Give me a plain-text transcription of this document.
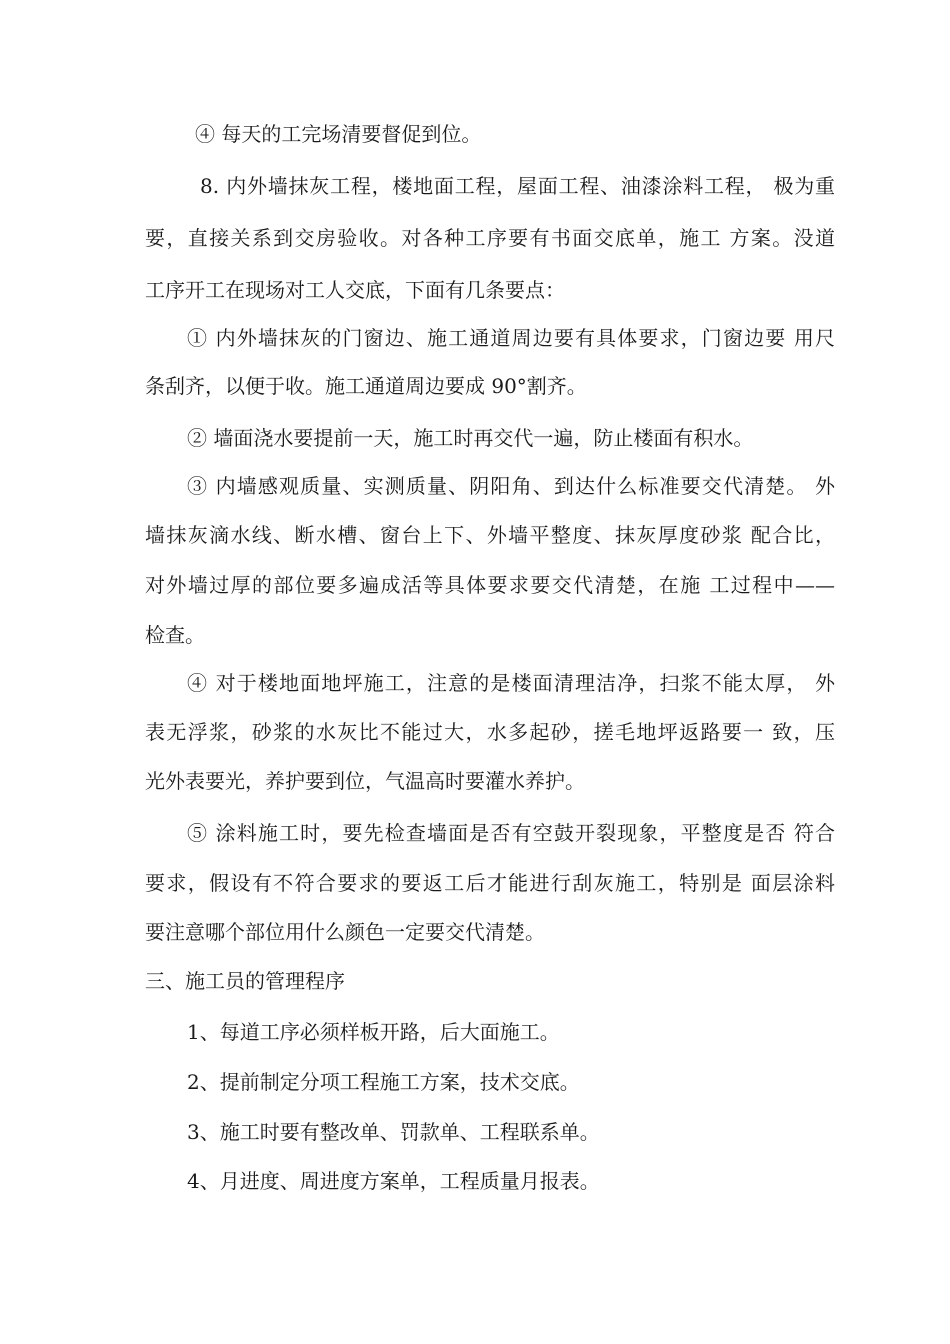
④ 每天的工完场清要督促到位。
8. 内外墙抹灰工程，楼地面工程，屋面工程、油漆涂料工程， 极为重
要，直接关系到交房验收。对各种工序要有书面交底单，施工 方案。没道
工序开工在现场对工人交底，下面有几条要点：
① 内外墙抹灰的门窗边、施工通道周边要有具体要求，门窗边要 用尺
条刮齐，以便于收。施工通道周边要成 90°割齐。
② 墙面浇水要提前一天，施工时再交代一遍，防止楼面有积水。
③ 内墙感观质量、实测质量、阴阳角、到达什么标准要交代清楚。 外
墙抹灰滴水线、断水槽、窗台上下、外墙平整度、抹灰厚度砂浆 配合比，
对外墙过厚的部位要多遍成活等具体要求要交代清楚，在施 工过程中——
检查。
④ 对于楼地面地坪施工，注意的是楼面清理洁净，扫浆不能太厚， 外
表无浮浆，砂浆的水灰比不能过大，水多起砂，搓毛地坪返路要一 致，压
光外表要光，养护要到位，气温高时要灌水养护。
⑤ 涂料施工时，要先检查墙面是否有空鼓开裂现象，平整度是否 符合
要求，假设有不符合要求的要返工后才能进行刮灰施工，特别是 面层涂料
要注意哪个部位用什么颜色一定要交代清楚。
三、施工员的管理程序
1、每道工序必须样板开路，后大面施工。
2、提前制定分项工程施工方案，技术交底。
3、施工时要有整改单、罚款单、工程联系单。
4、月进度、周进度方案单，工程质量月报表。
